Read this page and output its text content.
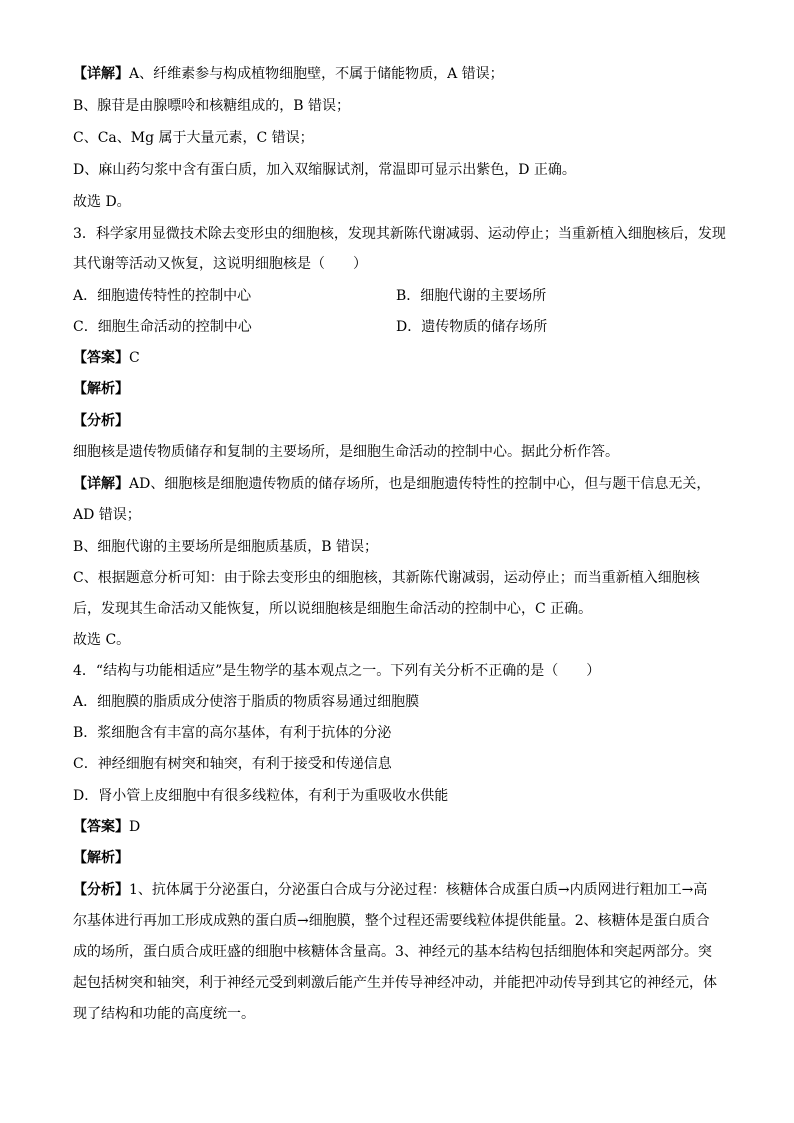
【详解】A、纤维素参与构成植物细胞壁，不属于储能物质，A 错误；
B、腺苷是由腺嘌呤和核糖组成的，B 错误；
C、Ca、Mg 属于大量元素，C 错误；
D、麻山药匀浆中含有蛋白质，加入双缩脲试剂，常温即可显示出紫色，D 正确。
故选 D。
3．科学家用显微技术除去变形虫的细胞核，发现其新陈代谢减弱、运动停止；当重新植入细胞核后，发现
其代谢等活动又恢复，这说明细胞核是（　　）
A．细胞遗传特性的控制中心	B．细胞代谢的主要场所
C．细胞生命活动的控制中心	D．遗传物质的储存场所
【答案】C
【解析】
【分析】
细胞核是遗传物质储存和复制的主要场所，是细胞生命活动的控制中心。据此分析作答。
【详解】AD、细胞核是细胞遗传物质的储存场所，也是细胞遗传特性的控制中心，但与题干信息无关，
AD 错误；
B、细胞代谢的主要场所是细胞质基质，B 错误；
C、根据题意分析可知：由于除去变形虫的细胞核，其新陈代谢减弱，运动停止；而当重新植入细胞核
后，发现其生命活动又能恢复，所以说细胞核是细胞生命活动的控制中心，C 正确。
故选 C。
4．“结构与功能相适应”是生物学的基本观点之一。下列有关分析不正确的是（　　）
A．细胞膜的脂质成分使溶于脂质的物质容易通过细胞膜
B．浆细胞含有丰富的高尔基体，有利于抗体的分泌
C．神经细胞有树突和轴突，有利于接受和传递信息
D．肾小管上皮细胞中有很多线粒体，有利于为重吸收水供能
【答案】D
【解析】
【分析】1、抗体属于分泌蛋白，分泌蛋白合成与分泌过程：核糖体合成蛋白质→内质网进行粗加工→高
尔基体进行再加工形成成熟的蛋白质→细胞膜，整个过程还需要线粒体提供能量。2、核糖体是蛋白质合
成的场所，蛋白质合成旺盛的细胞中核糖体含量高。3、神经元的基本结构包括细胞体和突起两部分。突
起包括树突和轴突，利于神经元受到刺激后能产生并传导神经冲动，并能把冲动传导到其它的神经元，体
现了结构和功能的高度统一。
